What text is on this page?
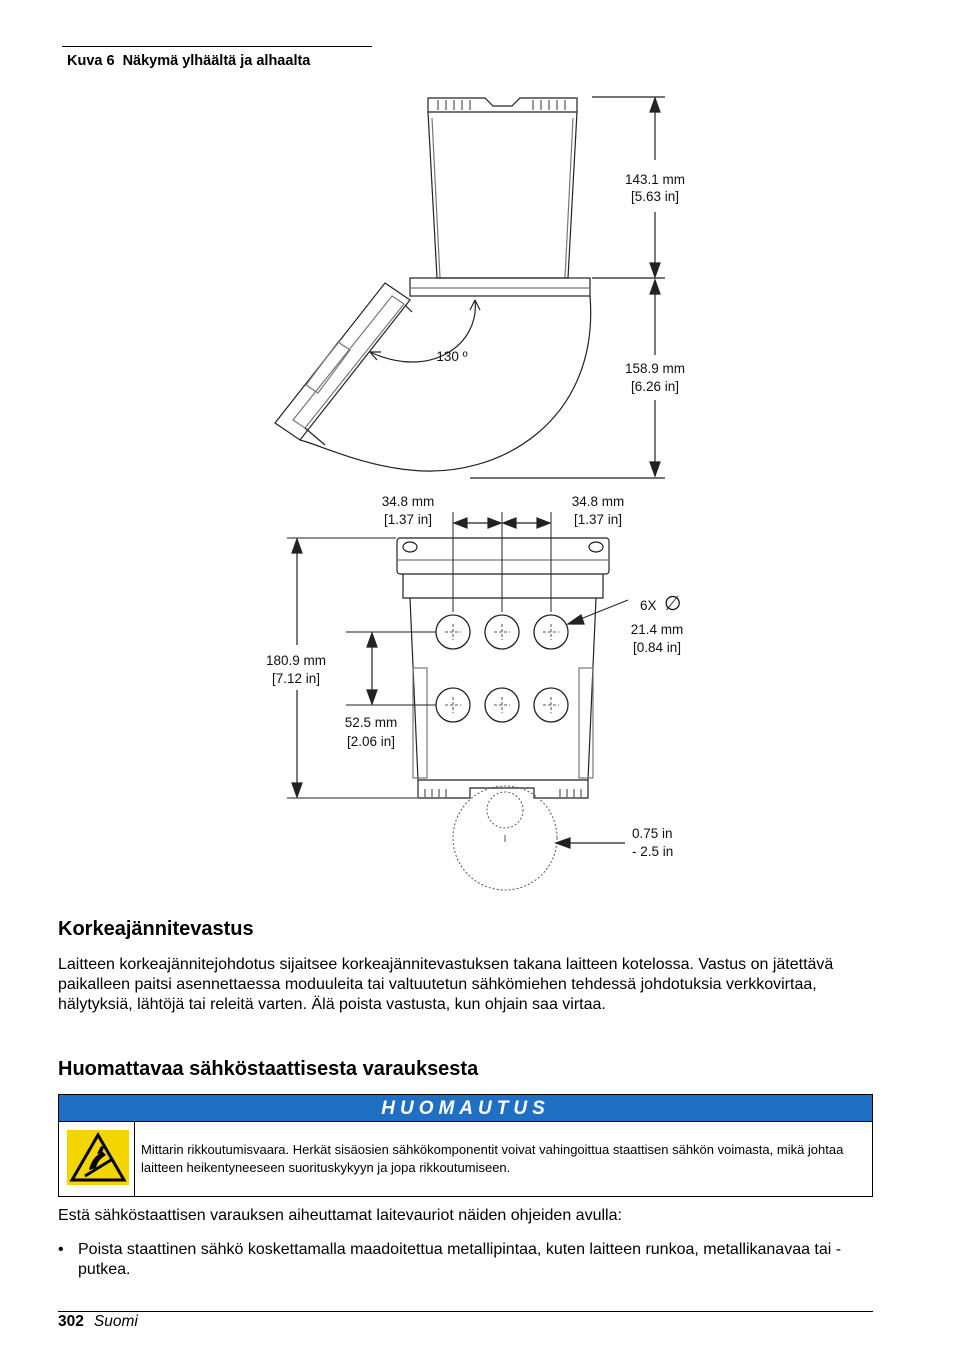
Kuva 6 Näkymä ylhäältä ja alhaalta
143.1 mm
[5.63 in]
130 º
158.9 mm
[6.26 in]
34.8 mm
[1.37 in]
34.8 mm
[1.37 in]
6X ∅
21.4 mm
[0.84 in]
180.9 mm
[7.12 in]
52.5 mm
[2.06 in]
0.75 in
- 2.5 in
Korkeajännitevastus
Laitteen korkeajännitejohdotus sijaitsee korkeajännitevastuksen takana laitteen kotelossa. Vastus on jätettävä paikalleen paitsi asennettaessa moduuleita tai valtuutetun sähkömiehen tehdessä johdotuksia verkkovirtaa, hälytyksiä, lähtöjä tai releitä varten. Älä poista vastusta, kun ohjain saa virtaa.
Huomattavaa sähköstaattisesta varauksesta
HUOMAUTUS
Mittarin rikkoutumisvaara. Herkät sisäosien sähkökomponentit voivat vahingoittua staattisen sähkön voimasta, mikä johtaa laitteen heikentyneeseen suorituskykyyn ja jopa rikkoutumiseen.
Estä sähköstaattisen varauksen aiheuttamat laitevauriot näiden ohjeiden avulla:
• Poista staattinen sähkö koskettamalla maadoitettua metallipintaa, kuten laitteen runkoa, metallikanavaa tai -putkea.
302 Suomi
